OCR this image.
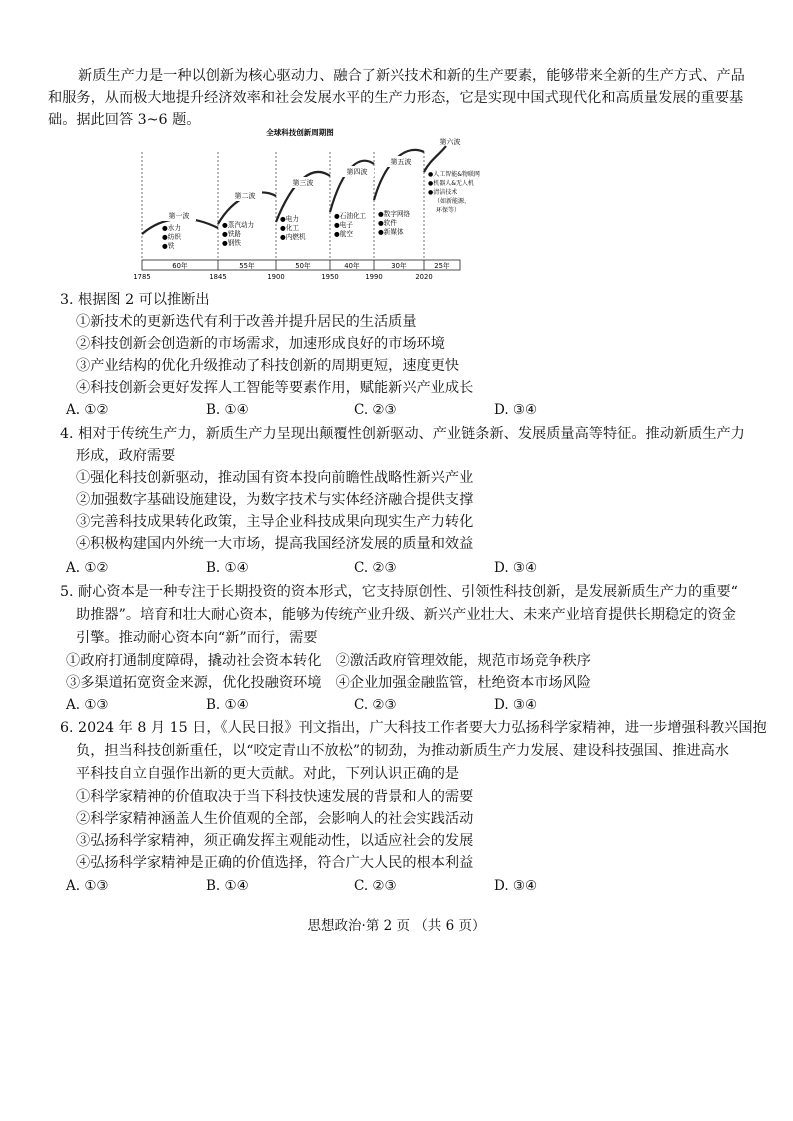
新质生产力是一种以创新为核心驱动力、融合了新兴技术和新的生产要素，能够带来全新的生产方式、产品
和服务，从而极大地提升经济效率和社会发展水平的生产力形态，它是实现中国式现代化和高质量发展的重要基
础。据此回答 3~6 题。
全球科技创新周期图
第一波
第二波
第三波
第四波
第五波
第六波
●水力
●纺织
●铁
●蒸汽动力
●铁路
●钢铁
●电力
●化工
●内燃机
●石油化工
●电子
●航空
●数字网络
●软件
●新媒体
●人工智能&物联网
●机器人&无人机
●清洁技术
（如新能源、
环保等）
60年	55年	50年	40年	30年	25年
1785	1845	1900	1950	1990	2020
3. 根据图 2 可以推断出
①新技术的更新迭代有利于改善并提升居民的生活质量
②科技创新会创造新的市场需求，加速形成良好的市场环境
③产业结构的优化升级推动了科技创新的周期更短，速度更快
④科技创新会更好发挥人工智能等要素作用，赋能新兴产业成长
A. ①②	B. ①④	C. ②③	D. ③④
4. 相对于传统生产力，新质生产力呈现出颠覆性创新驱动、产业链条新、发展质量高等特征。推动新质生产力
形成，政府需要
①强化科技创新驱动，推动国有资本投向前瞻性战略性新兴产业
②加强数字基础设施建设，为数字技术与实体经济融合提供支撑
③完善科技成果转化政策，主导企业科技成果向现实生产力转化
④积极构建国内外统一大市场，提高我国经济发展的质量和效益
A. ①②	B. ①④	C. ②③	D. ③④
5. 耐心资本是一种专注于长期投资的资本形式，它支持原创性、引领性科技创新，是发展新质生产力的重要“
助推器”。培育和壮大耐心资本，能够为传统产业升级、新兴产业壮大、未来产业培育提供长期稳定的资金
引擎。推动耐心资本向“新”而行，需要
①政府打通制度障碍，撬动社会资本转化　②激活政府管理效能，规范市场竞争秩序
③多渠道拓宽资金来源，优化投融资环境　④企业加强金融监管，杜绝资本市场风险
A. ①③	B. ①④	C. ②③	D. ③④
6. 2024 年 8 月 15 日，《人民日报》刊文指出，广大科技工作者要大力弘扬科学家精神，进一步增强科教兴国抱
负，担当科技创新重任，以“咬定青山不放松”的韧劲，为推动新质生产力发展、建设科技强国、推进高水
平科技自立自强作出新的更大贡献。对此，下列认识正确的是
①科学家精神的价值取决于当下科技快速发展的背景和人的需要
②科学家精神涵盖人生价值观的全部，会影响人的社会实践活动
③弘扬科学家精神，须正确发挥主观能动性，以适应社会的发展
④弘扬科学家精神是正确的价值选择，符合广大人民的根本利益
A. ①③	B. ①④	C. ②③	D. ③④
思想政治·第 2 页 （共 6 页）
